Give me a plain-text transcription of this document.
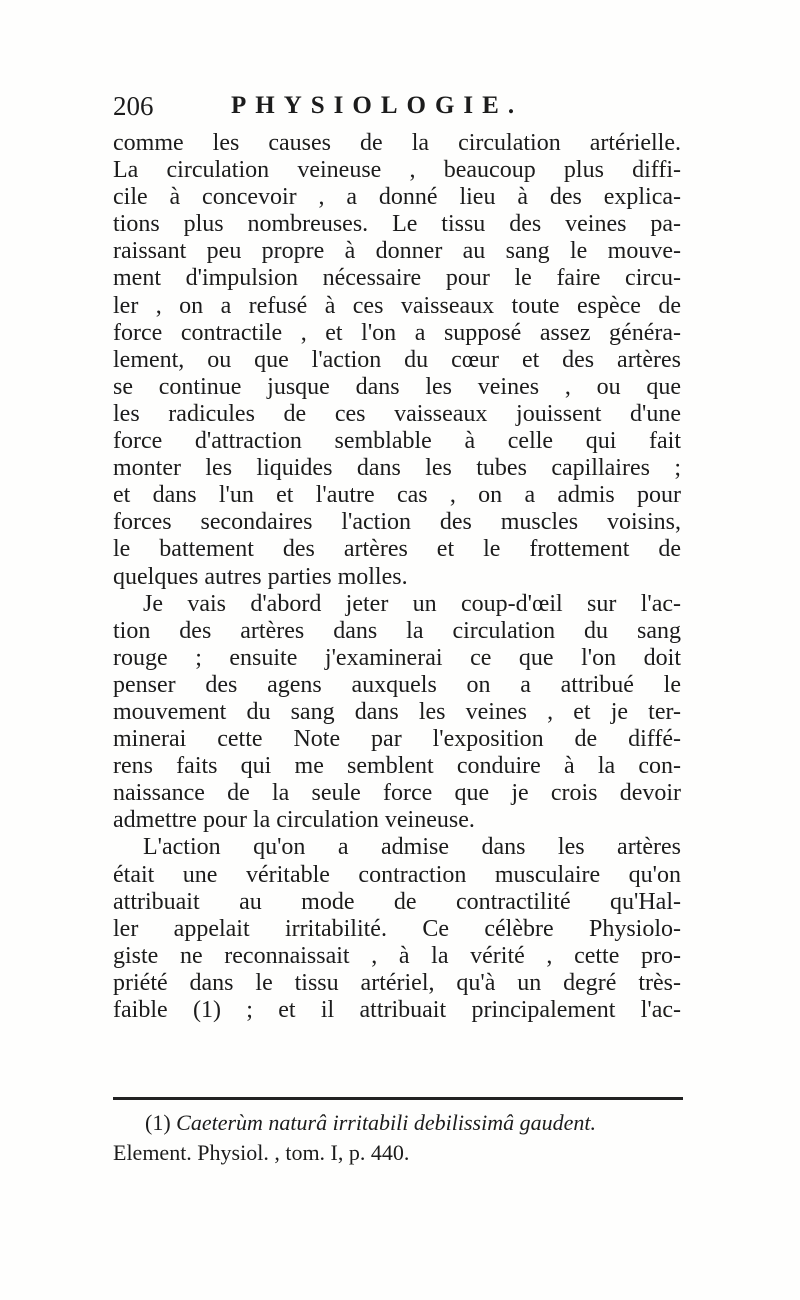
206	PHYSIOLOGIE.
comme les causes de la circulation artérielle.
La circulation veineuse , beaucoup plus diffi-
cile à concevoir , a donné lieu à des explica-
tions plus nombreuses. Le tissu des veines pa-
raissant peu propre à donner au sang le mouve-
ment d'impulsion nécessaire pour le faire circu-
ler , on a refusé à ces vaisseaux toute espèce de
force contractile , et l'on a supposé assez généra-
lement, ou que l'action du cœur et des artères
se continue jusque dans les veines , ou que
les radicules de ces vaisseaux jouissent d'une
force d'attraction semblable à celle qui fait
monter les liquides dans les tubes capillaires ;
et dans l'un et l'autre cas , on a admis pour
forces secondaires l'action des muscles voisins,
le battement des artères et le frottement de
quelques autres parties molles.
Je vais d'abord jeter un coup-d'œil sur l'ac-
tion des artères dans la circulation du sang
rouge ; ensuite j'examinerai ce que l'on doit
penser des agens auxquels on a attribué le
mouvement du sang dans les veines , et je ter-
minerai cette Note par l'exposition de diffé-
rens faits qui me semblent conduire à la con-
naissance de la seule force que je crois devoir
admettre pour la circulation veineuse.
L'action qu'on a admise dans les artères
était une véritable contraction musculaire qu'on
attribuait au mode de contractilité qu'Hal-
ler appelait irritabilité. Ce célèbre Physiolo-
giste ne reconnaissait , à la vérité , cette pro-
priété dans le tissu artériel, qu'à un degré très-
faible (1) ; et il attribuait principalement l'ac-
(1) Caeterùm naturâ irritabili debilissimâ gaudent.
Element. Physiol. , tom. I, p. 440.
